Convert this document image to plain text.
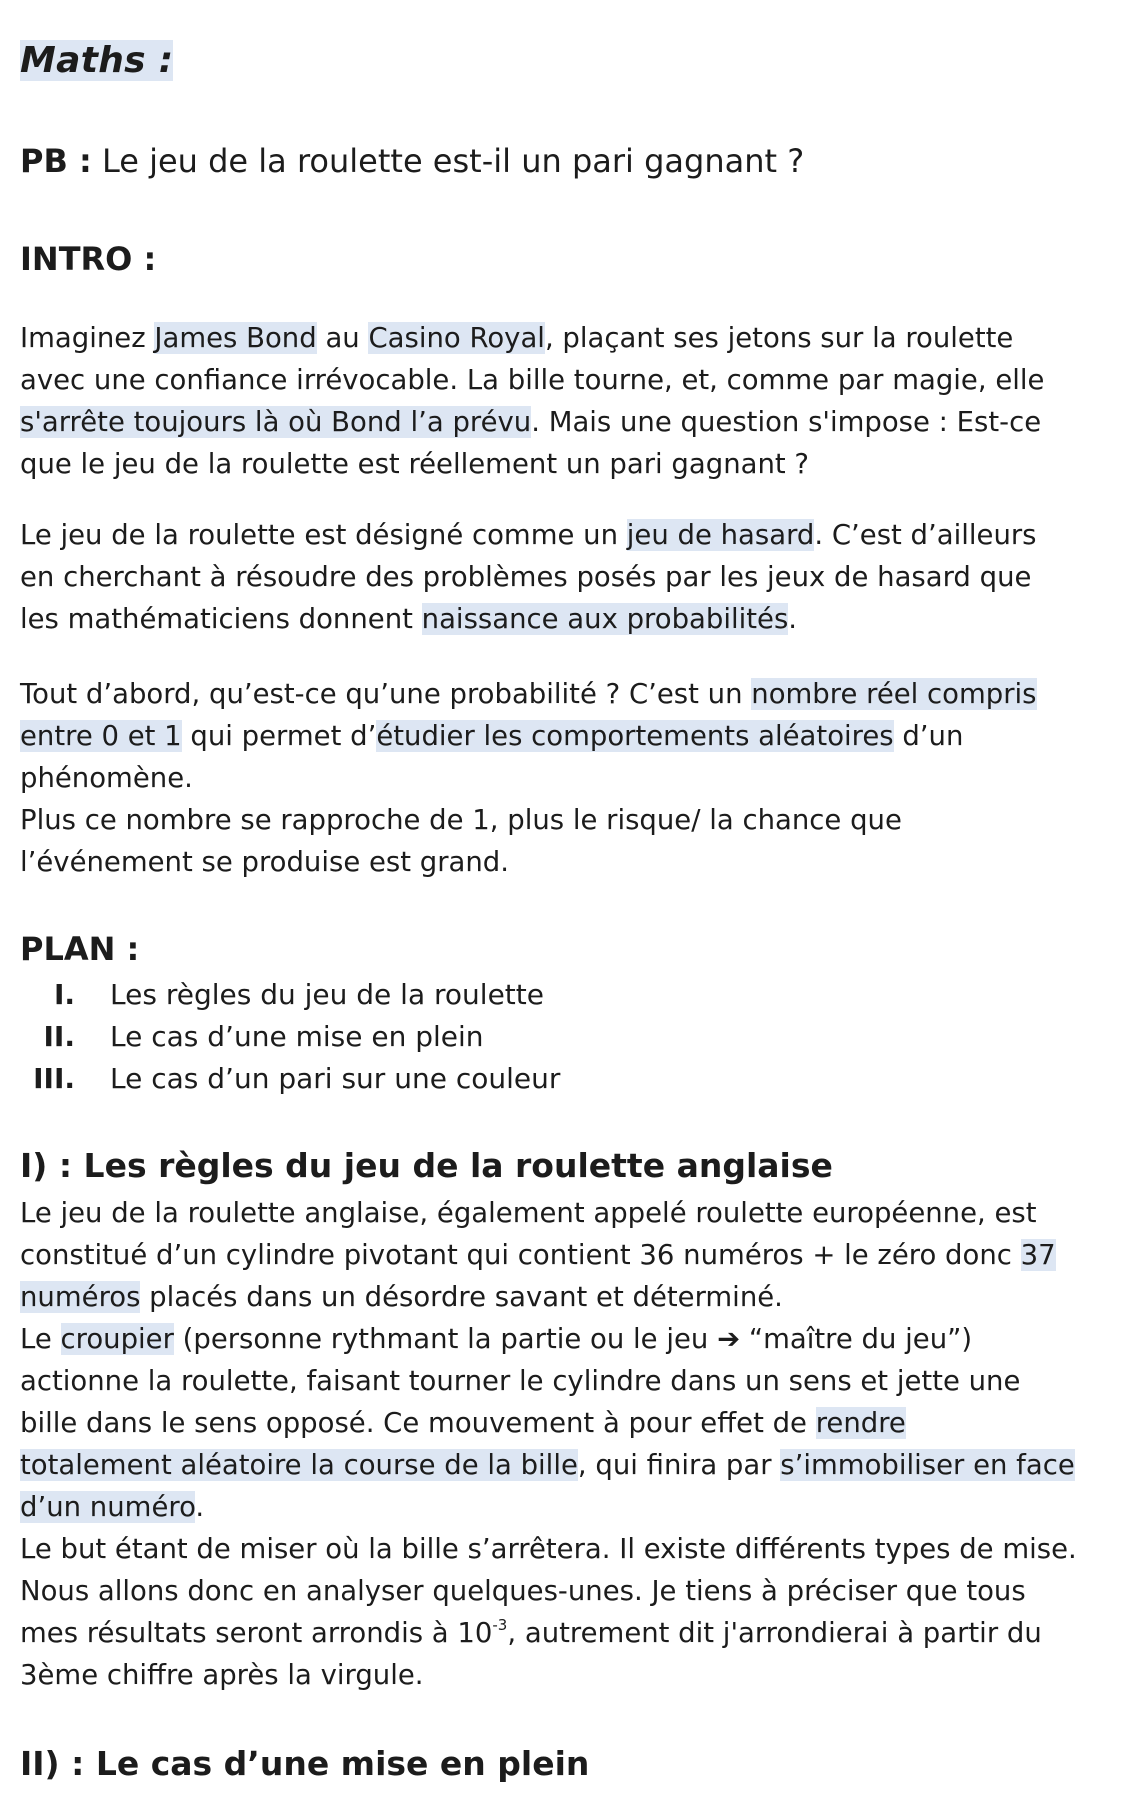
Maths :
PB : Le jeu de la roulette est-il un pari gagnant ?
INTRO :
Imaginez James Bond au Casino Royal, plaçant ses jetons sur la roulette
avec une confiance irrévocable. La bille tourne, et, comme par magie, elle
s'arrête toujours là où Bond l’a prévu. Mais une question s'impose : Est-ce
que le jeu de la roulette est réellement un pari gagnant ?
Le jeu de la roulette est désigné comme un jeu de hasard. C’est d’ailleurs
en cherchant à résoudre des problèmes posés par les jeux de hasard que
les mathématiciens donnent naissance aux probabilités.
Tout d’abord, qu’est-ce qu’une probabilité ? C’est un nombre réel compris
entre 0 et 1 qui permet d’étudier les comportements aléatoires d’un
phénomène.
Plus ce nombre se rapproche de 1, plus le risque/ la chance que
l’événement se produise est grand.
PLAN :
I. Les règles du jeu de la roulette
II. Le cas d’une mise en plein
III. Le cas d’un pari sur une couleur
I) : Les règles du jeu de la roulette anglaise
Le jeu de la roulette anglaise, également appelé roulette européenne, est
constitué d’un cylindre pivotant qui contient 36 numéros + le zéro donc 37
numéros placés dans un désordre savant et déterminé.
Le croupier (personne rythmant la partie ou le jeu ➔ “maître du jeu”)
actionne la roulette, faisant tourner le cylindre dans un sens et jette une
bille dans le sens opposé. Ce mouvement à pour effet de rendre
totalement aléatoire la course de la bille, qui finira par s’immobiliser en face
d’un numéro.
Le but étant de miser où la bille s’arrêtera. Il existe différents types de mise.
Nous allons donc en analyser quelques-unes. Je tiens à préciser que tous
mes résultats seront arrondis à $10^{-3}$, autrement dit j'arrondierai à partir du
3ème chiffre après la virgule.
II) : Le cas d’une mise en plein
